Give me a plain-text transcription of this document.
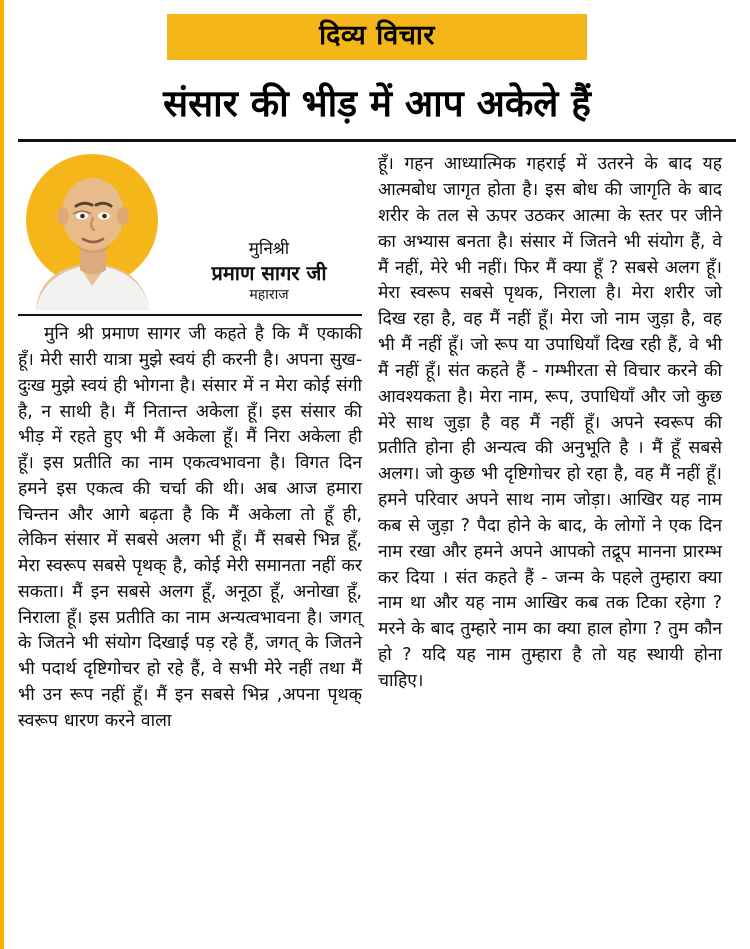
दिव्य विचार
संसार की भीड़ में आप अकेले हैं
मुनिश्री
प्रमाण सागर जी
महाराज
मुनि श्री प्रमाण सागर जी कहते है कि मैं एकाकी हूँ। मेरी सारी यात्रा मुझे स्वयं ही करनी है। अपना सुख-दुःख मुझे स्वयं ही भोगना है। संसार में न मेरा कोई संगी है, न साथी है। मैं नितान्त अकेला हूँ। इस संसार की भीड़ में रहते हुए भी मैं अकेला हूँ। मैं निरा अकेला ही हूँ। इस प्रतीति का नाम एकत्वभावना है। विगत दिन हमने इस एकत्व की चर्चा की थी। अब आज हमारा चिन्तन और आगे बढ़ता है कि मैं अकेला तो हूँ ही, लेकिन संसार में सबसे अलग भी हूँ। मैं सबसे भिन्न हूँ, मेरा स्वरूप सबसे पृथक् है, कोई मेरी समानता नहीं कर सकता। मैं इन सबसे अलग हूँ, अनूठा हूँ, अनोखा हूँ, निराला हूँ। इस प्रतीति का नाम अन्यत्वभावना है। जगत् के जितने भी संयोग दिखाई पड़ रहे हैं, जगत् के जितने भी पदार्थ दृष्टिगोचर हो रहे हैं, वे सभी मेरे नहीं तथा मैं भी उन रूप नहीं हूँ। मैं इन सबसे भिन्र ,अपना पृथक् स्वरूप धारण करने वाला
हूँ। गहन आध्यात्मिक गहराई में उतरने के बाद यह आत्मबोध जागृत होता है। इस बोध की जागृति के बाद शरीर के तल से ऊपर उठकर आत्मा के स्तर पर जीने का अभ्यास बनता है। संसार में जितने भी संयोग हैं, वे मैं नहीं, मेरे भी नहीं। फिर मैं क्या हूँ ? सबसे अलग हूँ। मेरा स्वरूप सबसे पृथक, निराला है। मेरा शरीर जो दिख रहा है, वह मैं नहीं हूँ। मेरा जो नाम जुड़ा है, वह भी मैं नहीं हूँ। जो रूप या उपाधियाँ दिख रही हैं, वे भी मैं नहीं हूँ। संत कहते हैं - गम्भीरता से विचार करने की आवश्यकता है। मेरा नाम, रूप, उपाधियाँ और जो कुछ मेरे साथ जुड़ा है वह मैं नहीं हूँ। अपने स्वरूप की प्रतीति होना ही अन्यत्व की अनुभूति है । मैं हूँ सबसे अलग। जो कुछ भी दृष्टिगोचर हो रहा है, वह मैं नहीं हूँ। हमने परिवार अपने साथ नाम जोड़ा। आखिर यह नाम कब से जुड़ा ? पैदा होने के बाद, के लोगों ने एक दिन नाम रखा और हमने अपने आपको तद्रूप मानना प्रारम्भ कर दिया । संत कहते हैं - जन्म के पहले तुम्हारा क्या नाम था और यह नाम आखिर कब तक टिका रहेगा ? मरने के बाद तुम्हारे नाम का क्या हाल होगा ? तुम कौन हो ? यदि यह नाम तुम्हारा है तो यह स्थायी होना चाहिए।
